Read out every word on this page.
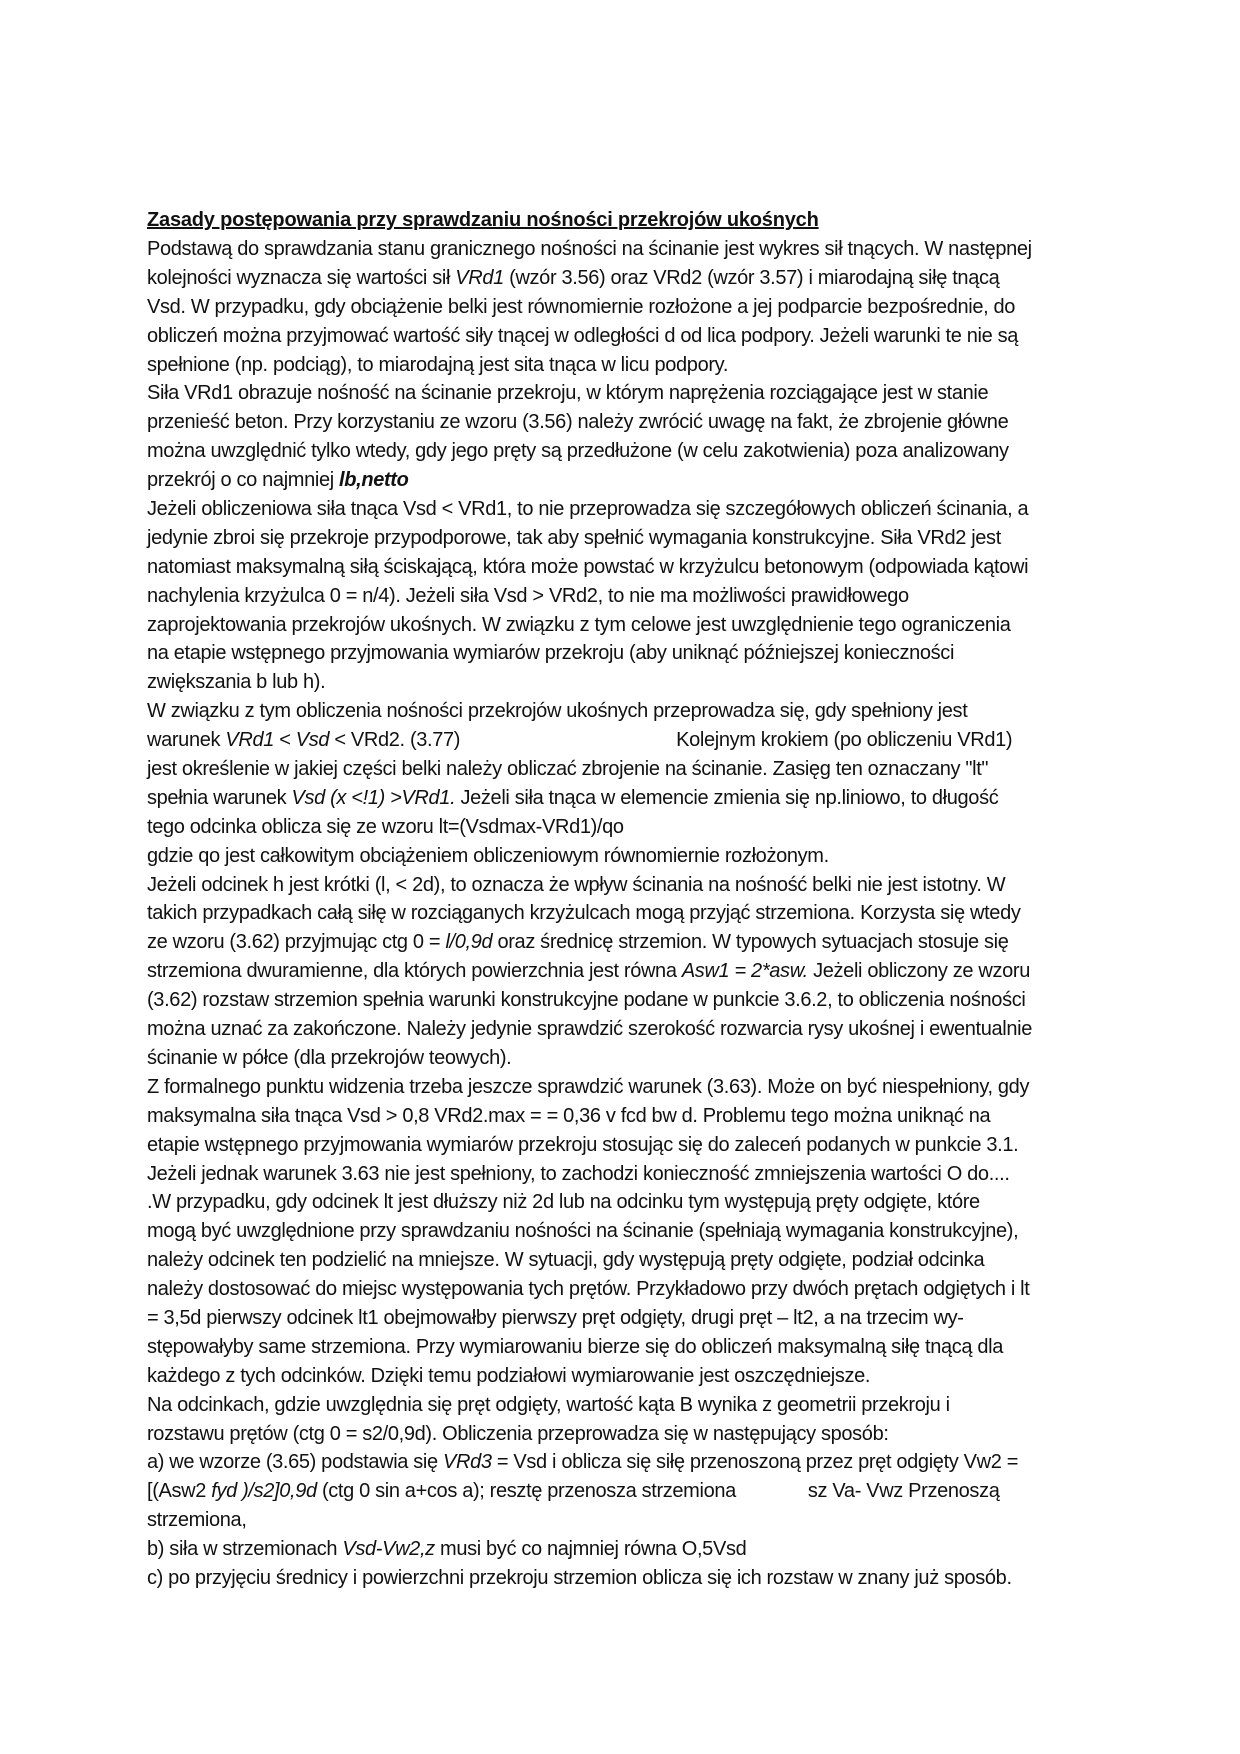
Zasady postępowania przy sprawdzaniu nośności przekrojów ukośnych
Podstawą do sprawdzania stanu granicznego nośności na ścinanie jest wykres sił tnących. W następnej
kolejności wyznacza się wartości sił VRd1 (wzór 3.56) oraz VRd2 (wzór 3.57) i miarodajną siłę tnącą
Vsd. W przypadku, gdy obciążenie belki jest równomiernie rozłożone a jej podparcie bezpośrednie, do
obliczeń można przyjmować wartość siły tnącej w odległości d od lica podpory. Jeżeli warunki te nie są
spełnione (np. podciąg), to miarodajną jest sita tnąca w licu podpory.
Siła VRd1 obrazuje nośność na ścinanie przekroju, w którym naprężenia rozciągające jest w stanie
przenieść beton. Przy korzystaniu ze wzoru (3.56) należy zwrócić uwagę na fakt, że zbrojenie główne
można uwzględnić tylko wtedy, gdy jego pręty są przedłużone (w celu zakotwienia) poza analizowany
przekrój o co najmniej lb,netto
Jeżeli obliczeniowa siła tnąca Vsd < VRd1, to nie przeprowadza się szczegółowych obliczeń ścinania, a
jedynie zbroi się przekroje przypodporowe, tak aby spełnić wymagania konstrukcyjne. Siła VRd2 jest
natomiast maksymalną siłą ściskającą, która może powstać w krzyżulcu betonowym (odpowiada kątowi
nachylenia krzyżulca 0 = n/4). Jeżeli siła Vsd > VRd2, to nie ma możliwości prawidłowego
zaprojektowania przekrojów ukośnych. W związku z tym celowe jest uwzględnienie tego ograniczenia
na etapie wstępnego przyjmowania wymiarów przekroju (aby uniknąć późniejszej konieczności
zwiększania b lub h).
W związku z tym obliczenia nośności przekrojów ukośnych przeprowadza się, gdy spełniony jest
warunek VRd1 < Vsd < VRd2. (3.77)	Kolejnym krokiem (po obliczeniu VRd1)
jest określenie w jakiej części belki należy obliczać zbrojenie na ścinanie. Zasięg ten oznaczany "lt"
spełnia warunek Vsd (x <!1) >VRd1. Jeżeli siła tnąca w elemencie zmienia się np.liniowo, to długość
tego odcinka oblicza się ze wzoru lt=(Vsdmax-VRd1)/qo
gdzie qo jest całkowitym obciążeniem obliczeniowym równomiernie rozłożonym.
Jeżeli odcinek h jest krótki (l, < 2d), to oznacza że wpływ ścinania na nośność belki nie jest istotny. W
takich przypadkach całą siłę w rozciąganych krzyżulcach mogą przyjąć strzemiona. Korzysta się wtedy
ze wzoru (3.62) przyjmując ctg 0 = l/0,9d oraz średnicę strzemion. W typowych sytuacjach stosuje się
strzemiona dwuramienne, dla których powierzchnia jest równa Asw1 = 2*asw. Jeżeli obliczony ze wzoru
(3.62) rozstaw strzemion spełnia warunki konstrukcyjne podane w punkcie 3.6.2, to obliczenia nośności
można uznać za zakończone. Należy jedynie sprawdzić szerokość rozwarcia rysy ukośnej i ewentualnie
ścinanie w półce (dla przekrojów teowych).
Z formalnego punktu widzenia trzeba jeszcze sprawdzić warunek (3.63). Może on być niespełniony, gdy
maksymalna siła tnąca Vsd > 0,8 VRd2.max = = 0,36 v fcd bw d. Problemu tego można uniknąć na
etapie wstępnego przyjmowania wymiarów przekroju stosując się do zaleceń podanych w punkcie 3.1.
Jeżeli jednak warunek 3.63 nie jest spełniony, to zachodzi konieczność zmniejszenia wartości O do....
.W przypadku, gdy odcinek lt jest dłuższy niż 2d lub na odcinku tym występują pręty odgięte, które
mogą być uwzględnione przy sprawdzaniu nośności na ścinanie (spełniają wymagania konstrukcyjne),
należy odcinek ten podzielić na mniejsze. W sytuacji, gdy występują pręty odgięte, podział odcinka
należy dostosować do miejsc występowania tych prętów. Przykładowo przy dwóch prętach odgiętych i lt
= 3,5d pierwszy odcinek lt1 obejmowałby pierwszy pręt odgięty, drugi pręt – lt2, a na trzecim wy-
stępowałyby same strzemiona. Przy wymiarowaniu bierze się do obliczeń maksymalną siłę tnącą dla
każdego z tych odcinków. Dzięki temu podziałowi wymiarowanie jest oszczędniejsze.
Na odcinkach, gdzie uwzględnia się pręt odgięty, wartość kąta B wynika z geometrii przekroju i
rozstawu prętów (ctg 0 = s2/0,9d). Obliczenia przeprowadza się w następujący sposób:
a) we wzorze (3.65) podstawia się VRd3 = Vsd i oblicza się siłę przenoszoną przez pręt odgięty Vw2 =
[(Asw2 fyd )/s2]0,9d (ctg 0 sin a+cos a); resztę przenosza strzemiona	sz Va- Vwz Przenoszą
strzemiona,
b) siła w strzemionach Vsd-Vw2,z musi być co najmniej równa O,5Vsd
c) po przyjęciu średnicy i powierzchni przekroju strzemion oblicza się ich rozstaw w znany już sposób.
